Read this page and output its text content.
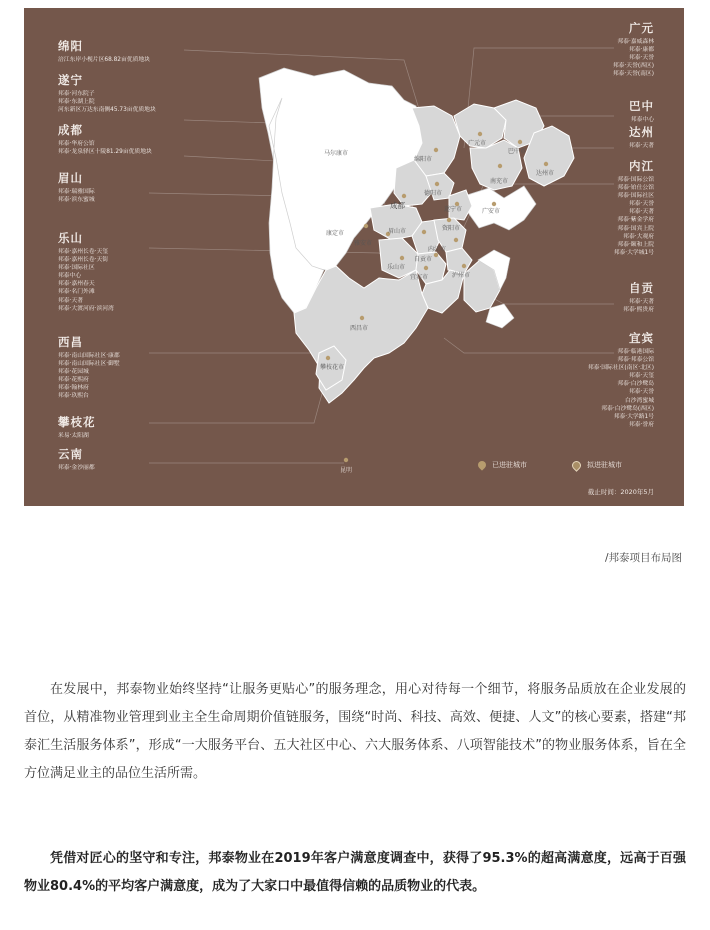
马尔康市
绵阳市
广元市
巴中市
南充市
达州市
成都
德阳市
遂宁市	广安市
康定市
雅安市
眉山市	资阳市
内江市
乐山市
自贡市
宜宾市	泸州市
西昌市
攀枝花市
昆明
绵阳
涪江东岸小枧片区68.82亩优质地块
遂宁
邦泰·河东院子
邦泰·东湖上院
河东新区万达东南侧45.73亩优质地块
成都
邦泰·华府公馆
邦泰·龙泉驿区十陵81.29亩优质地块
眉山
邦泰·瑞雅国际
邦泰·滨东蜜城
乐山
邦泰·嘉州长卷·天玺
邦泰·嘉州长卷·天街
邦泰·国际社区
邦泰中心
邦泰·嘉州春天
邦泰·名门外滩
邦泰·天著
邦泰·大渡河府·滨河湾
西昌
邦泰·南山国际社区·康郡
邦泰·南山国际社区·御墅
邦泰·花园城
邦泰·花熙府
邦泰·翰林府
邦泰·玖熙台
攀枝花
米易·太阳湖
云南
邦泰·金沙丽都
广元
邦泰·嘉威森林
邦泰·康都
邦泰·天誉
邦泰·天誉(西区)
邦泰·天誉(南区)
巴中
邦泰中心
达州
邦泰·天著
内江
邦泰·国际公馆
邦泰·铂仕公馆
邦泰·国际社区
邦泰·天誉
邦泰·天著
邦泰·紫金学府
邦泰·国宾上院
邦泰·大观府
邦泰·颐和上院
邦泰·大学城1号
自贡
邦泰·天著
邦泰·熙贵府
宜宾
邦泰·临港国际
邦泰·邦泰公馆
邦泰·国际社区(南区·北区)
邦泰·天玺
邦泰·白沙鹭岛
邦泰·天誉
白沙湾蜜城
邦泰·白沙鹭岛(西区)
邦泰·大学路1号
邦泰·誉府
已进驻城市	拟进驻城市
截止时间：2020年5月
/邦泰项目布局图

在发展中，邦泰物业始终坚持“让服务更贴心”的服务理念，用心对待每一个细节，将服务品质放在企业发展的首位，从精准物业管理到业主全生命周期价值链服务，围绕“时尚、科技、高效、便捷、人文”的核心要素，搭建“邦泰汇生活服务体系”，形成“一大服务平台、五大社区中心、六大服务体系、八项智能技术”的物业服务体系，旨在全方位满足业主的品位生活所需。

凭借对匠心的坚守和专注，邦泰物业在2019年客户满意度调查中，获得了95.3%的超高满意度，远高于百强物业80.4%的平均客户满意度，成为了大家口中最值得信赖的品质物业的代表。
